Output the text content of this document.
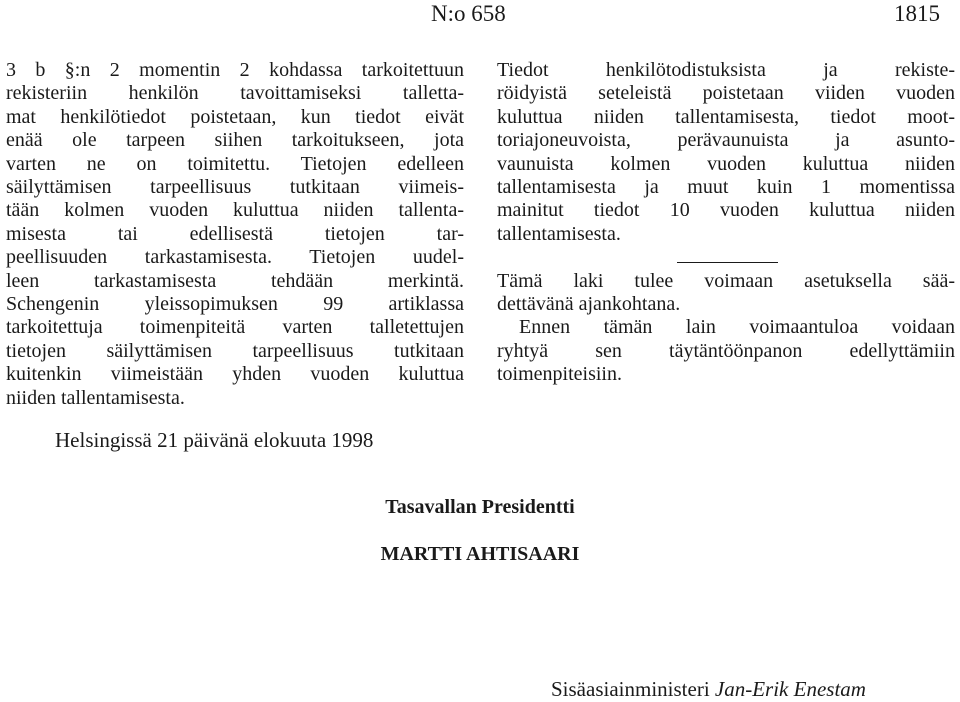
N:o 658	1815
3 b §:n 2 momentin 2 kohdassa tarkoitettuun
rekisteriin henkilön tavoittamiseksi talletta-
mat henkilötiedot poistetaan, kun tiedot eivät
enää ole tarpeen siihen tarkoitukseen, jota
varten ne on toimitettu. Tietojen edelleen
säilyttämisen tarpeellisuus tutkitaan viimeis-
tään kolmen vuoden kuluttua niiden tallenta-
misesta tai edellisestä tietojen tar-
peellisuuden tarkastamisesta. Tietojen uudel-
leen tarkastamisesta tehdään merkintä.
Schengenin yleissopimuksen 99 artiklassa
tarkoitettuja toimenpiteitä varten talletettujen
tietojen säilyttämisen tarpeellisuus tutkitaan
kuitenkin viimeistään yhden vuoden kuluttua
niiden tallentamisesta.
Tiedot henkilötodistuksista ja rekiste-
röidyistä seteleistä poistetaan viiden vuoden
kuluttua niiden tallentamisesta, tiedot moot-
toriajoneuvoista, perävaunuista ja asunto-
vaunuista kolmen vuoden kuluttua niiden
tallentamisesta ja muut kuin 1 momentissa
mainitut tiedot 10 vuoden kuluttua niiden
tallentamisesta.
Tämä laki tulee voimaan asetuksella sää-
dettävänä ajankohtana.
Ennen tämän lain voimaantuloa voidaan
ryhtyä sen täytäntöönpanon edellyttämiin
toimenpiteisiin.
Helsingissä 21 päivänä elokuuta 1998
Tasavallan Presidentti
MARTTI AHTISAARI
Sisäasiainministeri Jan-Erik Enestam
